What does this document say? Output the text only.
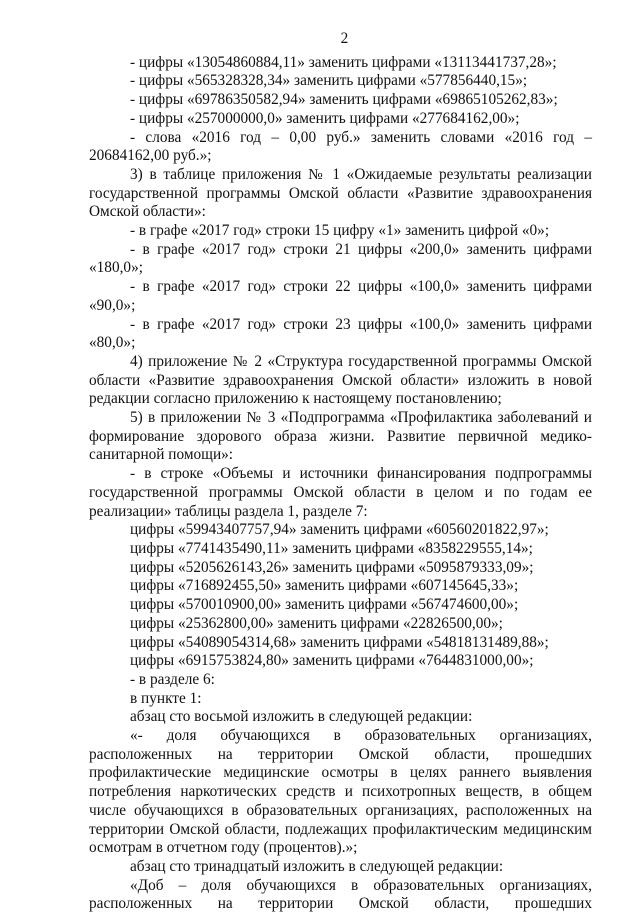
2
- цифры «13054860884,11» заменить цифрами «13113441737,28»;
- цифры «565328328,34» заменить цифрами «577856440,15»;
- цифры «69786350582,94» заменить цифрами «69865105262,83»;
- цифры «257000000,0» заменить цифрами «277684162,00»;
- слова «2016 год – 0,00 руб.» заменить словами «2016 год –
20684162,00 руб.»;
3) в таблице приложения № 1 «Ожидаемые результаты реализации государственной программы Омской области «Развитие здравоохранения Омской области»:
- в графе «2017 год» строки 15 цифру «1» заменить цифрой «0»;
- в графе «2017 год» строки 21 цифры «200,0» заменить цифрами
«180,0»;
- в графе «2017 год» строки 22 цифры «100,0» заменить цифрами
«90,0»;
- в графе «2017 год» строки 23 цифры «100,0» заменить цифрами
«80,0»;
4) приложение № 2 «Структура государственной программы Омской области «Развитие здравоохранения Омской области» изложить в новой редакции согласно приложению к настоящему постановлению;
5) в приложении № 3 «Подпрограмма «Профилактика заболеваний и формирование здорового образа жизни. Развитие первичной медико-санитарной помощи»:
- в строке «Объемы и источники финансирования подпрограммы государственной программы Омской области в целом и по годам ее реализации» таблицы раздела 1, разделе 7:
цифры «59943407757,94» заменить цифрами «60560201822,97»;
цифры «7741435490,11» заменить цифрами «8358229555,14»;
цифры «5205626143,26» заменить цифрами «5095879333,09»;
цифры «716892455,50» заменить цифрами «607145645,33»;
цифры «570010900,00» заменить цифрами «567474600,00»;
цифры «25362800,00» заменить цифрами «22826500,00»;
цифры «54089054314,68» заменить цифрами «54818131489,88»;
цифры «6915753824,80» заменить цифрами «7644831000,00»;
- в разделе 6:
в пункте 1:
абзац сто восьмой изложить в следующей редакции:
«- доля обучающихся в образовательных организациях, расположенных на территории Омской области, прошедших профилактические медицинские осмотры в целях раннего выявления потребления наркотических средств и психотропных веществ, в общем числе обучающихся в образовательных организациях, расположенных на территории Омской области, подлежащих профилактическим медицинским осмотрам в отчетном году (процентов).»;
абзац сто тринадцатый изложить в следующей редакции:
«Доб – доля обучающихся в образовательных организациях,
расположенных на территории Омской области, прошедших
